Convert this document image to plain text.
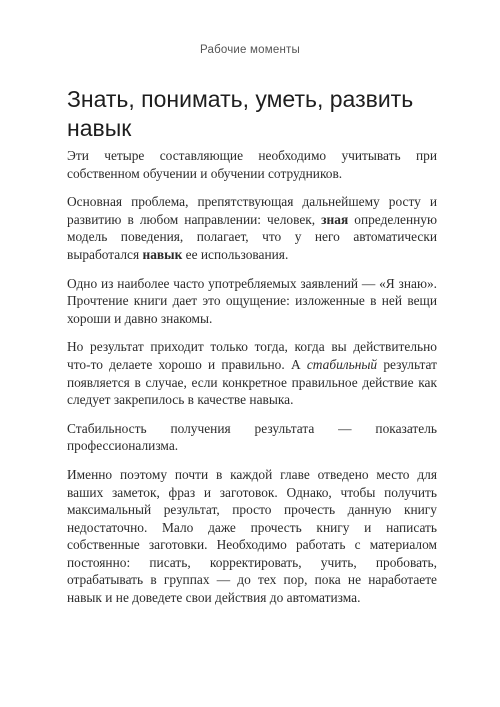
Рабочие моменты
Знать, понимать, уметь, развить навык

Эти четыре составляющие необходимо учитывать при собственном обучении и обучении сотрудников.

Основная проблема, препятствующая дальнейшему росту и развитию в любом направлении: человек, зная определенную модель поведения, полагает, что у него автоматически выработался навык ее использования.

Одно из наиболее часто употребляемых заявлений — «Я знаю». Прочтение книги дает это ощущение: изложенные в ней вещи хороши и давно знакомы.

Но результат приходит только тогда, когда вы действительно что-то делаете хорошо и правильно. А стабильный результат появляется в случае, если конкретное правильное действие как следует закрепилось в качестве навыка.

Стабильность получения результата — показатель профессионализма.

Именно поэтому почти в каждой главе отведено место для ваших заметок, фраз и заготовок. Однако, чтобы получить максимальный результат, просто прочесть данную книгу недостаточно. Мало даже прочесть книгу и написать собственные заготовки. Необходимо работать с материалом постоянно: писать, корректировать, учить, пробовать, отрабатывать в группах — до тех пор, пока не наработаете навык и не доведете свои действия до автоматизма.
